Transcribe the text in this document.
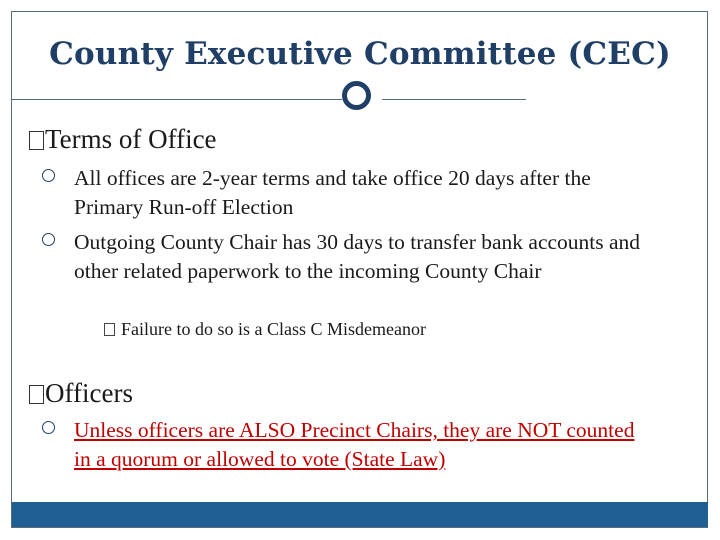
County Executive Committee (CEC)
Terms of Office
All offices are 2-year terms and take office 20 days after the Primary Run-off Election
Outgoing County Chair has 30 days to transfer bank accounts and other related paperwork to the incoming County Chair
Failure to do so is a Class C Misdemeanor
Officers
Unless officers are ALSO Precinct Chairs, they are NOT counted in a quorum or allowed to vote (State Law)
